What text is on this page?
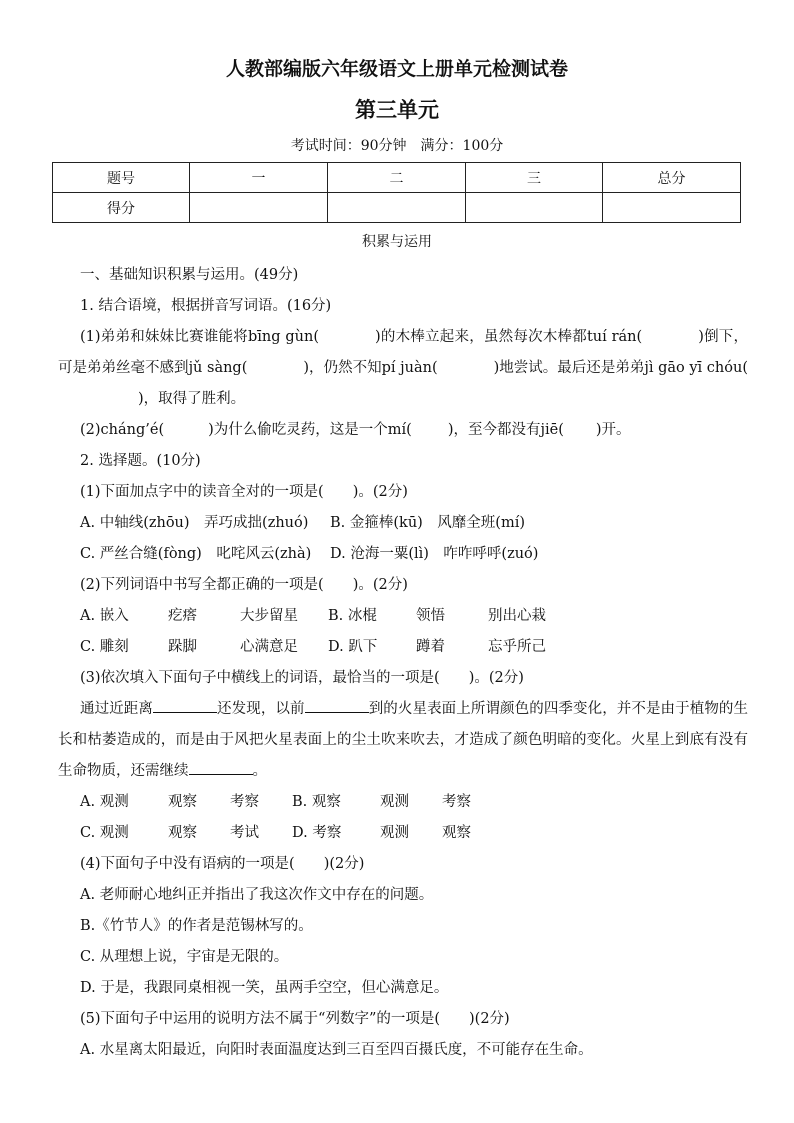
人教部编版六年级语文上册单元检测试卷
第三单元
考试时间：90分钟　满分：100分
题号	一	二	三	总分
得分				
积累与运用

一、基础知识积累与运用。(49分)

1. 结合语境，根据拼音写词语。(16分)

(1)弟弟和妹妹比赛谁能将bīng gùn(	)的木棒立起来，虽然每次木棒都tuí rán(	)倒下，可是弟弟丝毫不感到jǔ sàng(	)，仍然不知pí juàn(	)地尝试。最后还是弟弟jì gāo yī chóu()，取得了胜利。

(2)cháng’é(	)为什么偷吃灵药，这是一个mí( )，至今都没有jiē( )开。

2. 选择题。(10分)

(1)下面加点字中的读音全对的一项是(　　)。(2分)

A. 中轴线(zhōu)　弄巧成拙(zhuó) B. 金箍棒(kū)　风靡全班(mí)

C. 严丝合缝(fòng)　叱咤风云(zhà) D. 沧海一粟(lì)　咋咋呼呼(zuó)

(2)下列词语中书写全都正确的一项是(　　)。(2分)

A. 嵌入	疙瘩	大步留星 B. 冰棍	领悟	别出心栽

C. 雕刻	跺脚	心满意足 D. 趴下	蹲着	忘乎所己

(3)依次填入下面句子中横线上的词语，最恰当的一项是(　　)。(2分)

通过近距离	还发现，以前	到的火星表面上所谓颜色的四季变化，并不是由于植物的生长和枯萎造成的，而是由于风把火星表面上的尘土吹来吹去，才造成了颜色明暗的变化。火星上到底有没有生命物质，还需继续	。

A. 观测	观察 考察 B. 观察	观测 考察

C. 观测	观察 考试 D. 考察	观测 观察

(4)下面句子中没有语病的一项是(　　)(2分)

A. 老师耐心地纠正并指出了我这次作文中存在的问题。

B.《竹节人》的作者是范锡林写的。

C. 从理想上说，宇宙是无限的。

D. 于是，我跟同桌相视一笑，虽两手空空，但心满意足。

(5)下面句子中运用的说明方法不属于“列数字”的一项是(　　)(2分)

A. 水星离太阳最近，向阳时表面温度达到三百至四百摄氏度，不可能存在生命。
